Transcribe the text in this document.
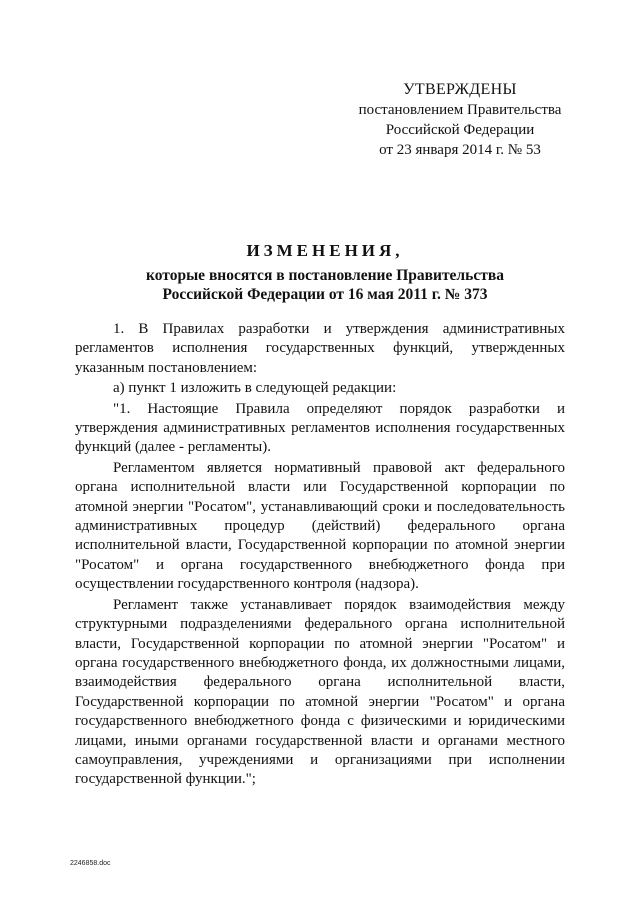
УТВЕРЖДЕНЫ
постановлением Правительства
Российской Федерации
от 23 января 2014 г. № 53
ИЗМЕНЕНИЯ,
которые вносятся в постановление Правительства
Российской Федерации от 16 мая 2011 г. № 373

1. В Правилах разработки и утверждения административных регламентов исполнения государственных функций, утвержденных указанным постановлением:

а) пункт 1 изложить в следующей редакции:

"1. Настоящие Правила определяют порядок разработки и утверждения административных регламентов исполнения государственных функций (далее - регламенты).

Регламентом является нормативный правовой акт федерального органа исполнительной власти или Государственной корпорации по атомной энергии "Росатом", устанавливающий сроки и последовательность административных процедур (действий) федерального органа исполнительной власти, Государственной корпорации по атомной энергии "Росатом" и органа государственного внебюджетного фонда при осуществлении государственного контроля (надзора).

Регламент также устанавливает порядок взаимодействия между структурными подразделениями федерального органа исполнительной власти, Государственной корпорации по атомной энергии "Росатом" и органа государственного внебюджетного фонда, их должностными лицами, взаимодействия федерального органа исполнительной власти, Государственной корпорации по атомной энергии "Росатом" и органа государственного внебюджетного фонда с физическими и юридическими лицами, иными органами государственной власти и органами местного самоуправления, учреждениями и организациями при исполнении государственной функции.";

2246858.doc
